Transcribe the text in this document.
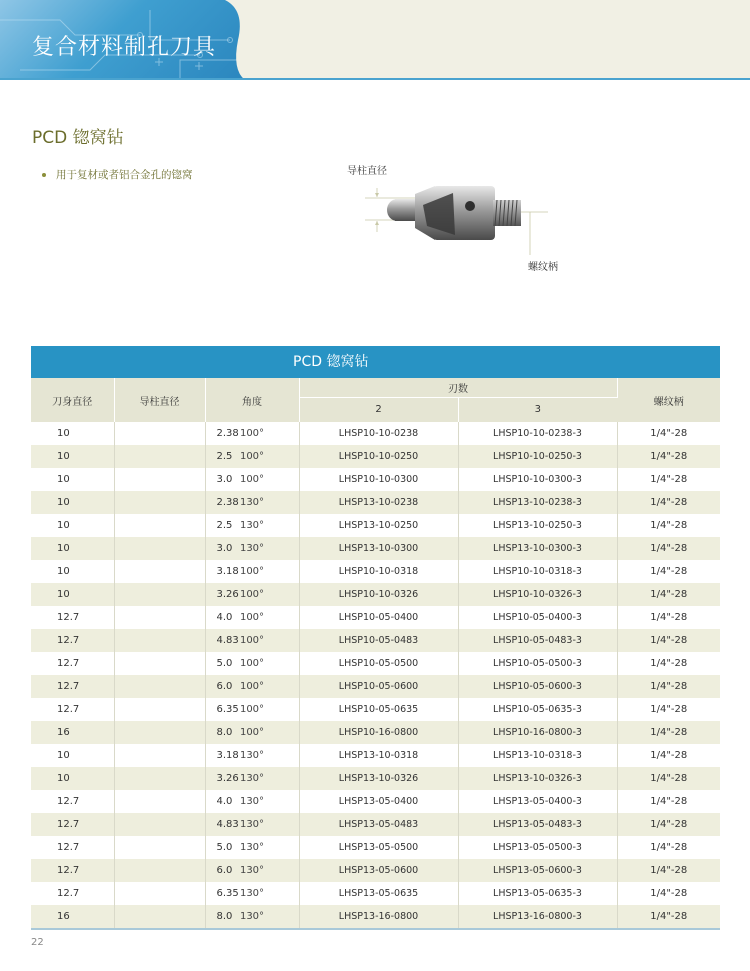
复合材料制孔刀具
PCD 锪窝钻
用于复材或者铝合金孔的锪窝	导柱直径
螺纹柄
PCD 锪窝钻
刀身直径	导柱直径	角度	刃数		螺纹柄
			2	3	
10	2.38	100°	LHSP10-10-0238	LHSP10-10-0238-3	1/4"-28
10	2.5	100°	LHSP10-10-0250	LHSP10-10-0250-3	1/4"-28
10	3.0	100°	LHSP10-10-0300	LHSP10-10-0300-3	1/4"-28
10	2.38	130°	LHSP13-10-0238	LHSP13-10-0238-3	1/4"-28
10	2.5	130°	LHSP13-10-0250	LHSP13-10-0250-3	1/4"-28
10	3.0	130°	LHSP13-10-0300	LHSP13-10-0300-3	1/4"-28
10	3.18	100°	LHSP10-10-0318	LHSP10-10-0318-3	1/4"-28
10	3.26	100°	LHSP10-10-0326	LHSP10-10-0326-3	1/4"-28
12.7	4.0	100°	LHSP10-05-0400	LHSP10-05-0400-3	1/4"-28
12.7	4.83	100°	LHSP10-05-0483	LHSP10-05-0483-3	1/4"-28
12.7	5.0	100°	LHSP10-05-0500	LHSP10-05-0500-3	1/4"-28
12.7	6.0	100°	LHSP10-05-0600	LHSP10-05-0600-3	1/4"-28
12.7	6.35	100°	LHSP10-05-0635	LHSP10-05-0635-3	1/4"-28
16	8.0	100°	LHSP10-16-0800	LHSP10-16-0800-3	1/4"-28
10	3.18	130°	LHSP13-10-0318	LHSP13-10-0318-3	1/4"-28
10	3.26	130°	LHSP13-10-0326	LHSP13-10-0326-3	1/4"-28
12.7	4.0	130°	LHSP13-05-0400	LHSP13-05-0400-3	1/4"-28
12.7	4.83	130°	LHSP13-05-0483	LHSP13-05-0483-3	1/4"-28
12.7	5.0	130°	LHSP13-05-0500	LHSP13-05-0500-3	1/4"-28
12.7	6.0	130°	LHSP13-05-0600	LHSP13-05-0600-3	1/4"-28
12.7	6.35	130°	LHSP13-05-0635	LHSP13-05-0635-3	1/4"-28
16	8.0	130°	LHSP13-16-0800	LHSP13-16-0800-3	1/4"-28
22
